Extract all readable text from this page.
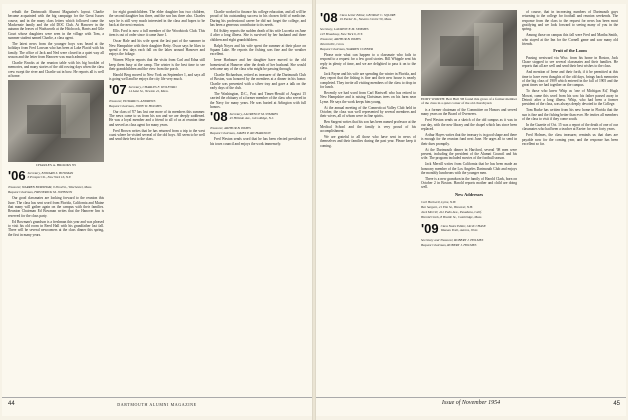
rebuilt the Dartmouth Alumni Magazine's layout. Charlie became acquainted with the big campaign for the Great Issues course, and in the many class letters which followed came the Mackenzie family and the old DOC Club. At Hanover in the autumn the leaves of Wadsworth at the Hitchcock, Harris and Gile Court whose daughters were seen in the village with Tom, a summer student named Charlie, a class agent.

The latest news from the younger boys was heard at the holidays from Fred Lawson who has been at Lake Placid with his family. The office of Jack and Ned were closed in a quiet way all season and the letter from Hanover was much admired.

Charlie Brooks at the reunion table with his big booklet of memories, and many stories of the old rowing days when the class crew swept the river and Charlie sat in bow. He reports all is well at home.

CHARLES A. BROOKS '05
'06 Secretary, EDWARD S. BOWMAN
6 Prospect St., New York 16, N.Y.
Treasurer, WARREN BURNHAM, 9 Pond St., Winchester, Mass.
Bequest Chairman, FREDERICK M. JOHNSON

Our good classmates are looking forward to the reunion this June. The class has sent word from Florida, California and Maine that many will gather again on the campus with their families. Reunion Chairman Ed Bowman writes that the Hanover Inn is reserved for the class party.

Ed Bowman's grandson is a freshman this year and was pleased to visit his old room in Reed Hall with his grandfather last fall. There will be several newcomers at the class dinner this spring, the first in many years.

for eight grandchildren. The elder daughter has two children, the second daughter has three, and the son has three also. Charles says he is still very much interested in the class and hopes to be back at the next reunion.

Ellis Ford is now a full member of the Woodstock Club. This item is out of order since it came June 1.

Oscar Hale and his wife spent the last part of the summer in New Hampshire with their daughter Betty. Oscar says he likes to spend a few days each fall on the lakes around Hanover and enjoys the foliage.

Warren Whyte reports that the visits from Carl and Edna still keep them busy at the camp. The winter is the best time to see their grandchildren and the view from the porch.

Harold Berg moved to New York on September 1, and says all is going well and he enjoys the city life very much.

'07 Secretary, CHARLES F. WOLFORD
14 Lake St., Newton 41, Mass.
Treasurer, EDWARD S. ANDREWS
Bequest Chairman, JOHN W. HOLMES

Our class of '07 has lost one more of its members this summer. The news came to us from his son and we are deeply saddened. He was a loyal member and a friend to all of us at reunion time and served as class agent for many years.

Fred Brown writes that he has returned from a trip to the west coast where he visited several of the old boys. All seem to be well and send their best to the class.

Charlie worked to finance his college education, and all will be proud of his outstanding success in his chosen field of medicine. During his professional career he did not forget the college, and has been a generous contributor to its needs.

Ed Ashley reports the sudden death of his wife Lucretia on June 4 after a long illness. She is survived by her husband and three children and eight grandchildren.

Ralph Noyes and his wife spent the summer at their place on Squam Lake. He reports the fishing was fine and the weather excellent.

Irene Harbauer and her daughter have moved to the old homestead at Hanover after the death of her husband. She would welcome any of the class who might be passing through.

Charlie Richardson, retired as treasurer of the Dartmouth Club of Boston, was honored by the members at a dinner in his honor. Charlie was presented with a silver tray and gave a talk on the early days of the club.

The Washington, D.C., Post and Times-Herald of August 15 carried the obituary of a former member of the class who served in the Navy for many years. He was buried at Arlington with full honors.

'08 Secretary, LAURENCE M. SYMMES
45 Hillside Ave., Glen Ridge, N.J.
Treasurer, ARTHUR B. HAYES
Bequest Chairman, JAMES P. RICHARDSON

Fred Weston sends word that he has been elected president of his town council and enjoys the work immensely.

44	DARTMOUTH ALUMNI MAGAZINE
'08 Class Letter Editor, GEORGE C. SQUIRE
19 Parker St., Newton Centre 59, Mass.
Secretary, LAURENCE M. SYMMES
123 Broadway, New York 6, N.Y.
Treasurer, ARTHUR B. HAYES
Talcottville, Conn.
Bequest Chairman, WARREN CONNER

Please note what can happen to a classmate who fails to respond to a request for a few good stories. Bill Whipple sent his reply in plenty of time, and we are delighted to pass it on to the class.

Jack Payne and his wife are spending the winter in Florida, and they report that the fishing is fine and their new house is nearly completed. They invite all visiting members of the class to drop in for lunch.

Recently we had word from Carl Hartwell who has retired to New Hampshire and is raising Christmas trees on his farm near Lyme. He says the work keeps him young.

At the annual meeting of the Connecticut Valley Club held in October, the class was well represented by several members and their wives, all of whom were in fine spirits.

Ben Sargent writes that his son has been named professor at the Medical School and the family is very proud of his accomplishment.

We are grateful to all those who have sent in news of themselves and their families during the past year. Please keep it coming.

EDDY WORTH: Bert Hull '08 found this grave of a former member of the class in a quiet corner of the old churchyard.

is a former chairman of the Committee on Honors and served many years on the Board of Overseers.

Fred Weston sends us a sketch of the old campus as it was in our day, with the new library and the chapel which has since been replaced.

Arthur Hayes writes that the treasury is in good shape and there is enough for the reunion fund next June. He urges all to send in their dues promptly.

At the Dartmouth dinner in Hartford, several '08 men were present, including the president of the Alumni Council and his wife. The program included movies of the football season.

Jack Merrill writes from California that he has been made an honorary member of the Los Angeles Dartmouth Club and enjoys the monthly luncheons with the younger men.

There is a new grandson in the family of Harold Clark, born on October 2 in Boston. Harold reports mother and child are doing well.

New Addresses
Carl Hartwell, Lyme, N.H.
Ben Sargent, 21 Elm St., Hanover, N.H.
Jack Merrill, 412 Palm Ave., Pasadena, Calif.
Harold Clark, 8 Brattle St., Cambridge, Mass.
'09 Class Notes Editor, JACK CHASE
Wausau Trail, Aurora, Ohio
Secretary and Treasurer, ROBERT J. HOLMES
Bequest Chairman, ROBERT J. HOLMES

of course, that in increasing numbers of Dartmouth guys returning to the college for football and reunion weekends. The response from the class to the request for news has been most gratifying and we look forward to seeing many of you in the spring.

Among those on campus this fall were Fred and Martha Smith, who stayed at the Inn for the Cornell game and saw many old friends.

Fruit of the Loom

Passing westward via Wisc. from his home in Boston, Jack Chase stopped to see several classmates and their families. He reports that all are well and send their best wishes to the class.

And mention of Irene and their forth, if it be permitted at this time to have even thoughts of the old days, brings back memories of the big class of 1909 which entered in the fall of 1905 and the great times we had together on the campus.

To those who knew Whip as 'one of Michigan Ed,' Hugh Mowat, came this word from his son: his father passed away in Detroit after a long illness. Whip, who had been a former president of the class, was always deeply devoted to the College.

Tom Burke has written from his new home in Florida that the sun is fine and the fishing better than ever. He invites all members of the class to visit if they come south.

In the Gazette of Oct. 15 was a report of the death of one of our classmates who had been a teacher at Exeter for over forty years.

Fred Holmes, the class treasurer, reminds us that dues are payable now for the coming year, and the response has been excellent so far.

Issue of November 1954	45
